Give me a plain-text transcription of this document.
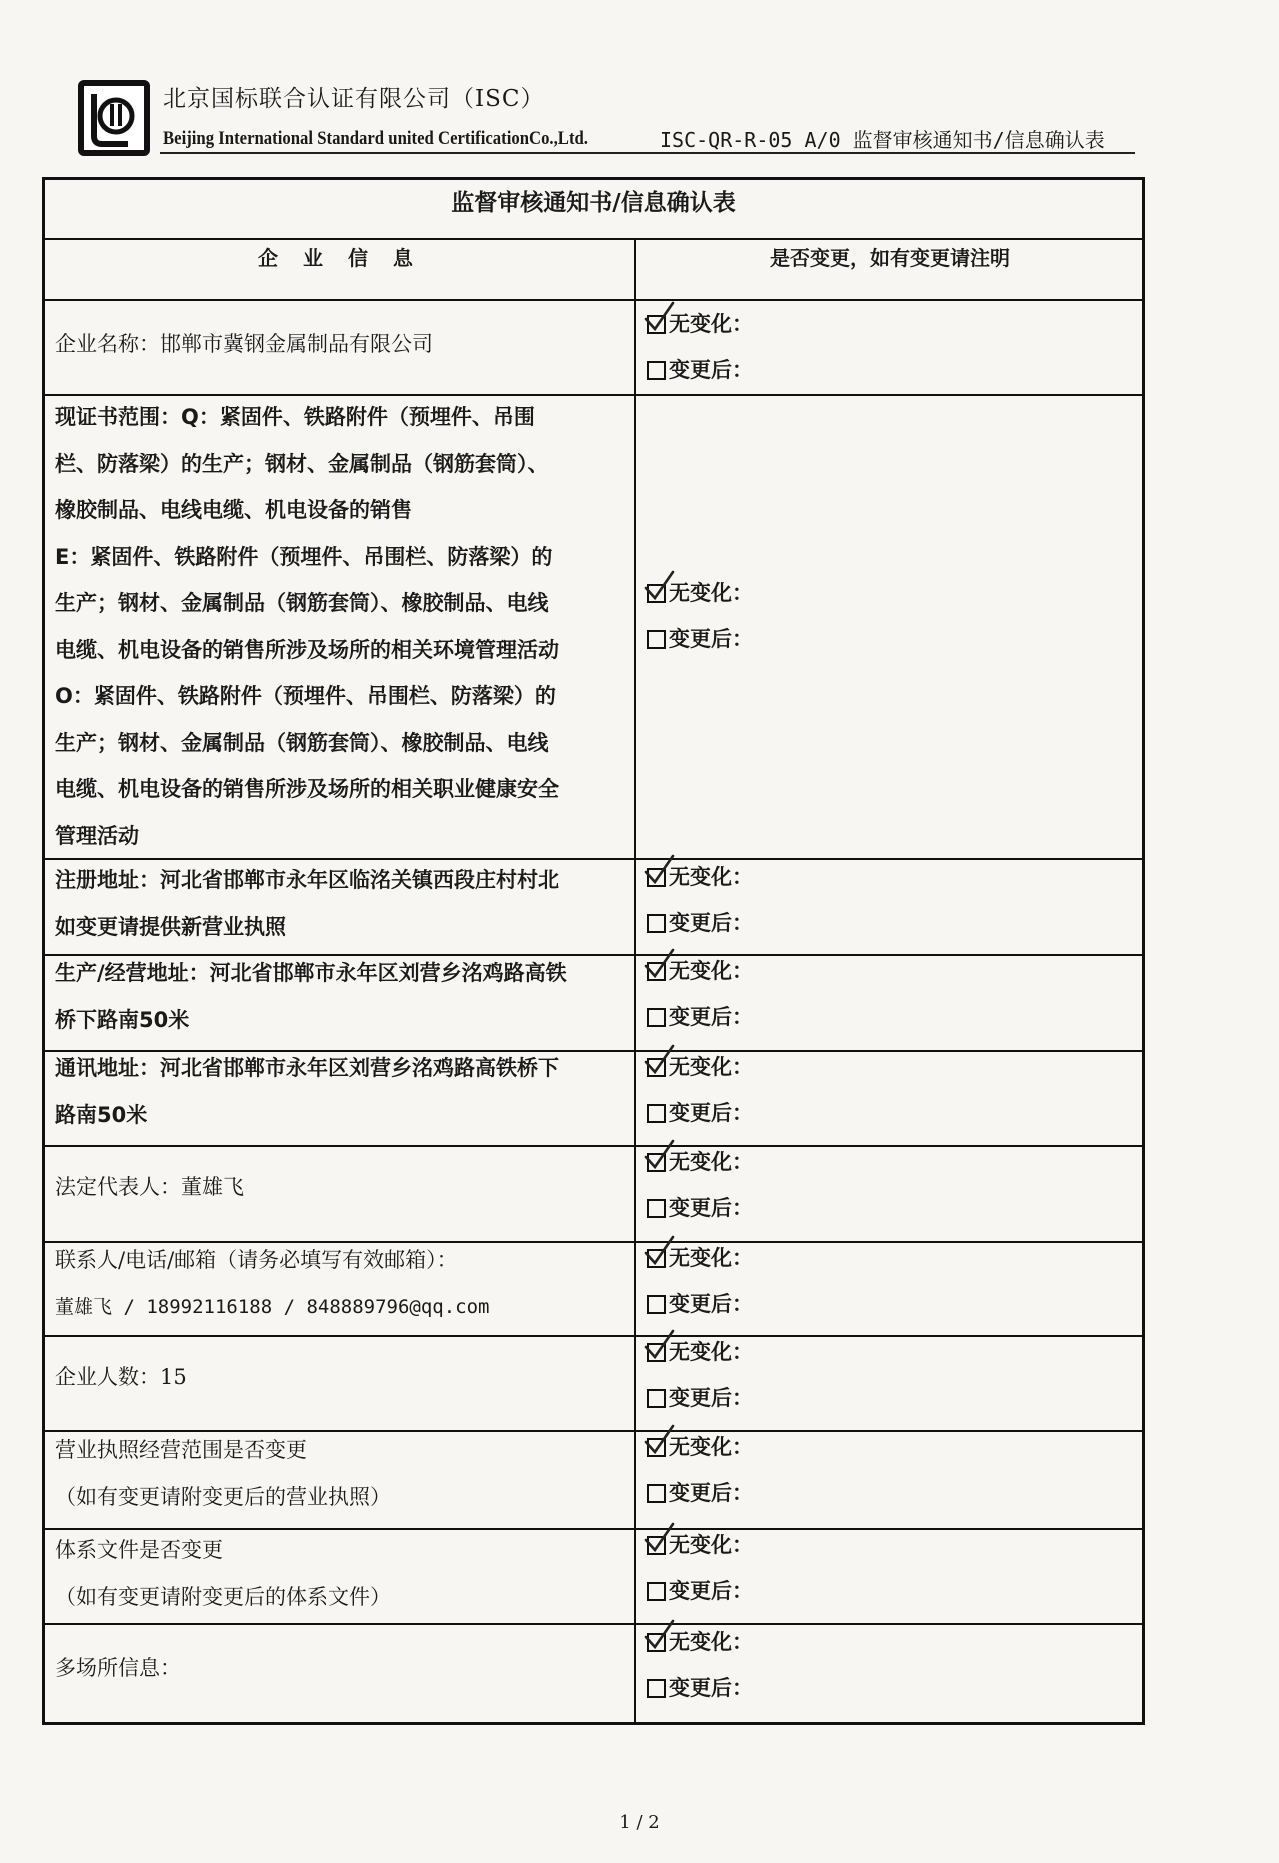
北京国标联合认证有限公司（ISC）
Beijing International Standard united CertificationCo.,Ltd.	ISC-QR-R-05 A/0 监督审核通知书/信息确认表
监督审核通知书/信息确认表
企 业 信 息	是否变更，如有变更请注明
企业名称：邯郸市冀钢金属制品有限公司
无变化：
变更后：
现证书范围：Q：紧固件、铁路附件（预埋件、吊围
栏、防落梁）的生产；钢材、金属制品（钢筋套筒）、
橡胶制品、电线电缆、机电设备的销售
E：紧固件、铁路附件（预埋件、吊围栏、防落梁）的
生产；钢材、金属制品（钢筋套筒）、橡胶制品、电线
电缆、机电设备的销售所涉及场所的相关环境管理活动
O：紧固件、铁路附件（预埋件、吊围栏、防落梁）的
生产；钢材、金属制品（钢筋套筒）、橡胶制品、电线
电缆、机电设备的销售所涉及场所的相关职业健康安全
管理活动
无变化：
变更后：
注册地址：河北省邯郸市永年区临洺关镇西段庄村村北
如变更请提供新营业执照
无变化：
变更后：
生产/经营地址：河北省邯郸市永年区刘营乡洺鸡路高铁
桥下路南50米
无变化：
变更后：
通讯地址：河北省邯郸市永年区刘营乡洺鸡路高铁桥下
路南50米
无变化：
变更后：
法定代表人：董雄飞
无变化：
变更后：
联系人/电话/邮箱（请务必填写有效邮箱）：
董雄飞 / 18992116188 / 848889796@qq.com
无变化：
变更后：
企业人数：15
无变化：
变更后：
营业执照经营范围是否变更
（如有变更请附变更后的营业执照）
无变化：
变更后：
体系文件是否变更
（如有变更请附变更后的体系文件）
无变化：
变更后：
多场所信息：
无变化：
变更后：
1 / 2
